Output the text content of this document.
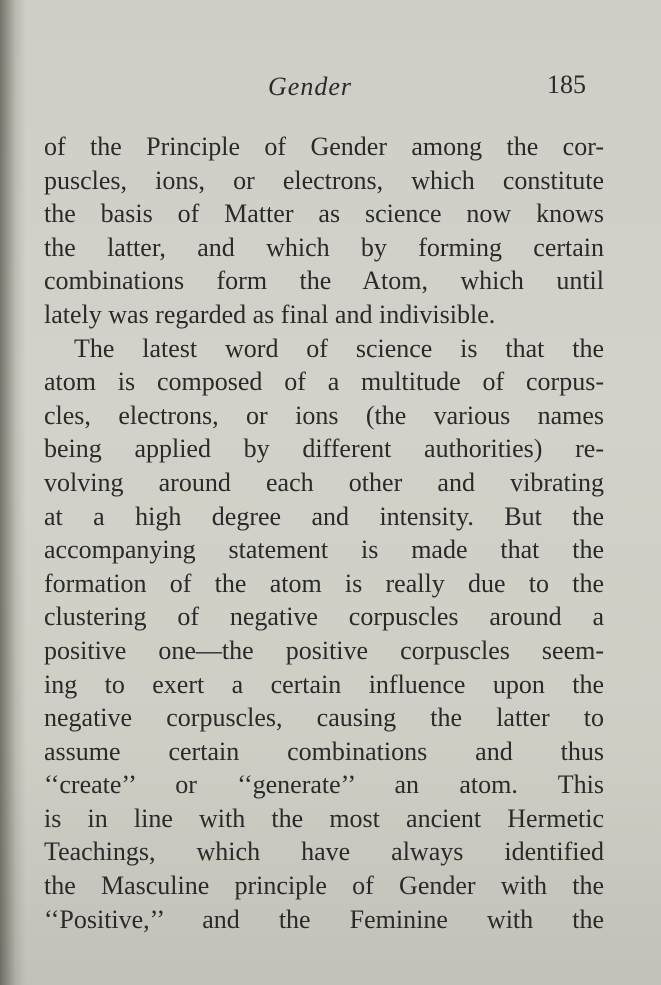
Gender	185
of the Principle of Gender among the cor-
puscles, ions, or electrons, which constitute
the basis of Matter as science now knows
the latter, and which by forming certain
combinations form the Atom, which until
lately was regarded as final and indivisible.
The latest word of science is that the
atom is composed of a multitude of corpus-
cles, electrons, or ions (the various names
being applied by different authorities) re-
volving around each other and vibrating
at a high degree and intensity. But the
accompanying statement is made that the
formation of the atom is really due to the
clustering of negative corpuscles around a
positive one—the positive corpuscles seem-
ing to exert a certain influence upon the
negative corpuscles, causing the latter to
assume certain combinations and thus
‘‘create’’ or ‘‘generate’’ an atom. This
is in line with the most ancient Hermetic
Teachings, which have always identified
the Masculine principle of Gender with the
‘‘Positive,’’ and the Feminine with the
